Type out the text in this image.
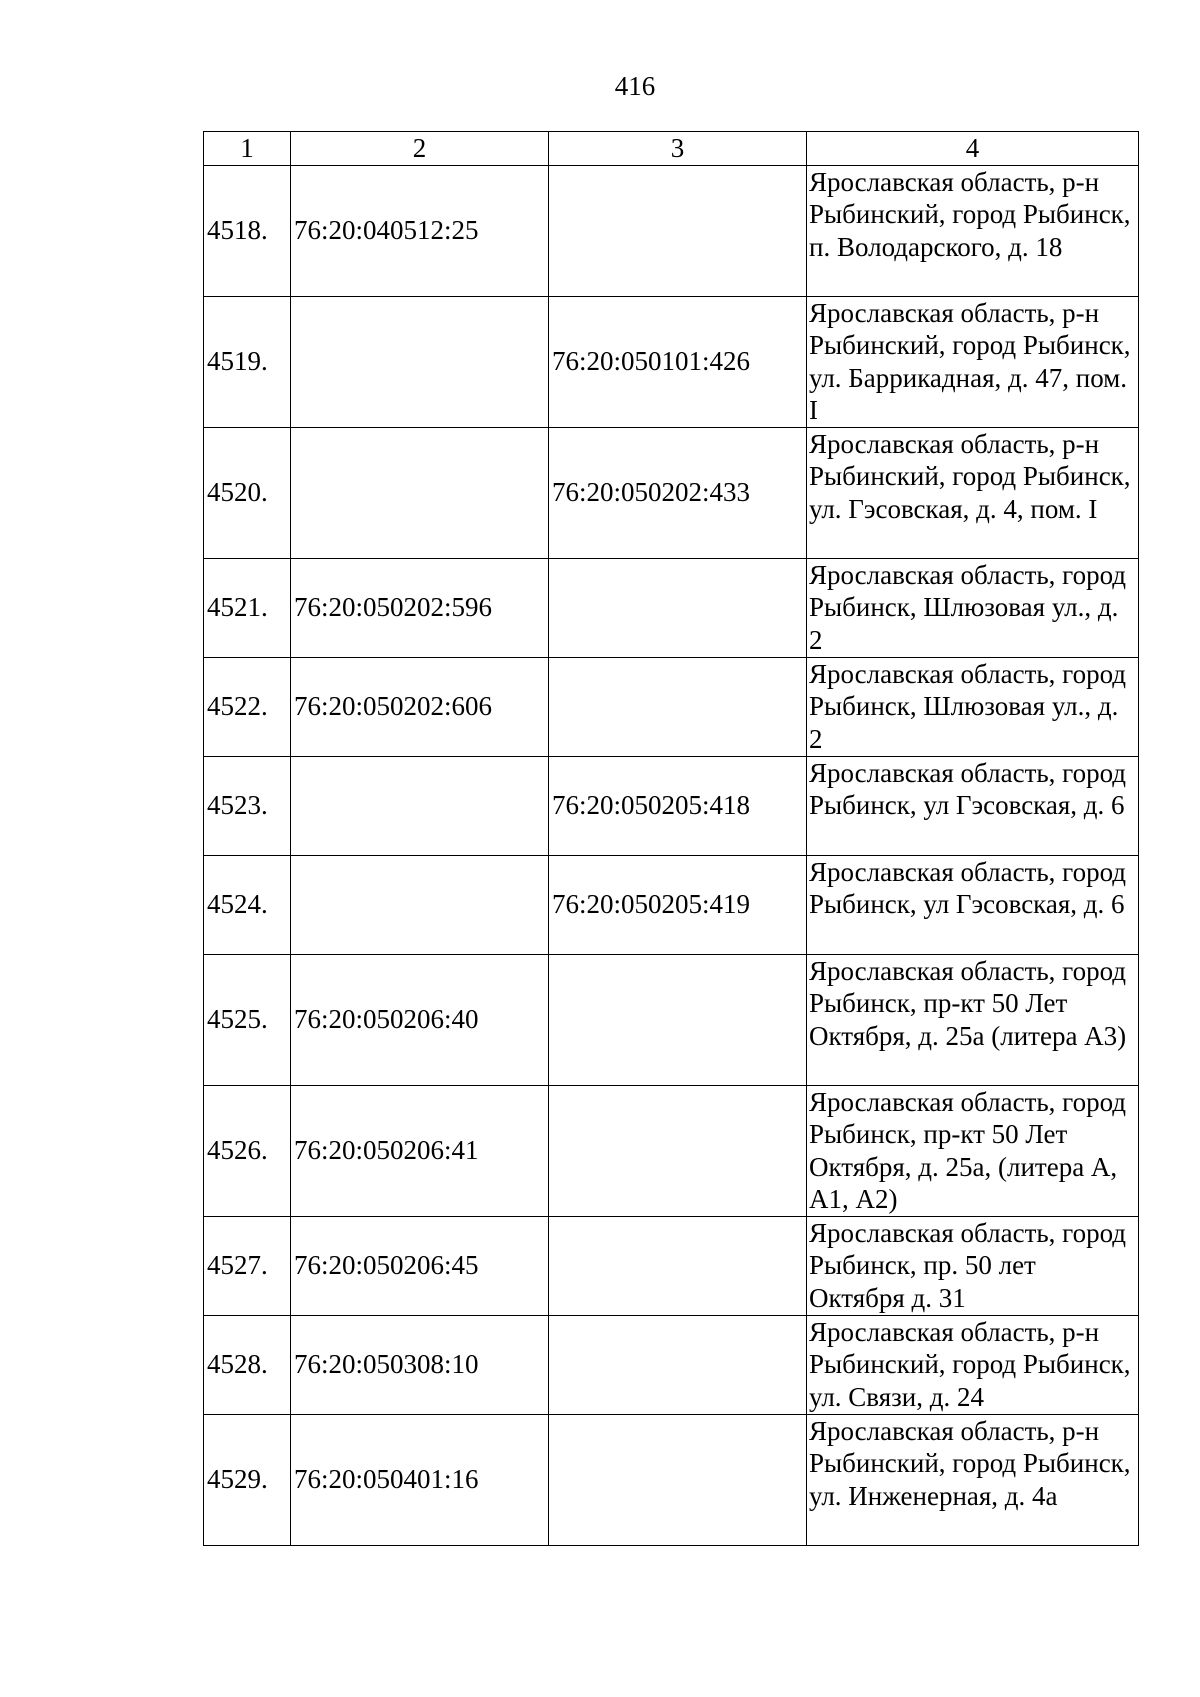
416
1	2	3	4
4518.	76:20:040512:25		Ярославская область, р-н Рыбинский, город Рыбинск, п. Володарского, д. 18
4519.		76:20:050101:426	Ярославская область, р-н Рыбинский, город Рыбинск, ул. Баррикадная, д. 47, пом. I
4520.		76:20:050202:433	Ярославская область, р-н Рыбинский, город Рыбинск, ул. Гэсовская, д. 4, пом. I
4521.	76:20:050202:596		Ярославская область, город Рыбинск, Шлюзовая ул., д. 2
4522.	76:20:050202:606		Ярославская область, город Рыбинск, Шлюзовая ул., д. 2
4523.		76:20:050205:418	Ярославская область, город Рыбинск, ул Гэсовская, д. 6
4524.		76:20:050205:419	Ярославская область, город Рыбинск, ул Гэсовская, д. 6
4525.	76:20:050206:40		Ярославская область, город Рыбинск, пр-кт 50 Лет Октября, д. 25а (литера А3)
4526.	76:20:050206:41		Ярославская область, город Рыбинск, пр-кт 50 Лет Октября, д. 25а, (литера А, А1, А2)
4527.	76:20:050206:45		Ярославская область, город Рыбинск, пр. 50 лет Октября д. 31
4528.	76:20:050308:10		Ярославская область, р-н Рыбинский, город Рыбинск, ул. Связи, д. 24
4529.	76:20:050401:16		Ярославская область, р-н Рыбинский, город Рыбинск, ул. Инженерная, д. 4а
